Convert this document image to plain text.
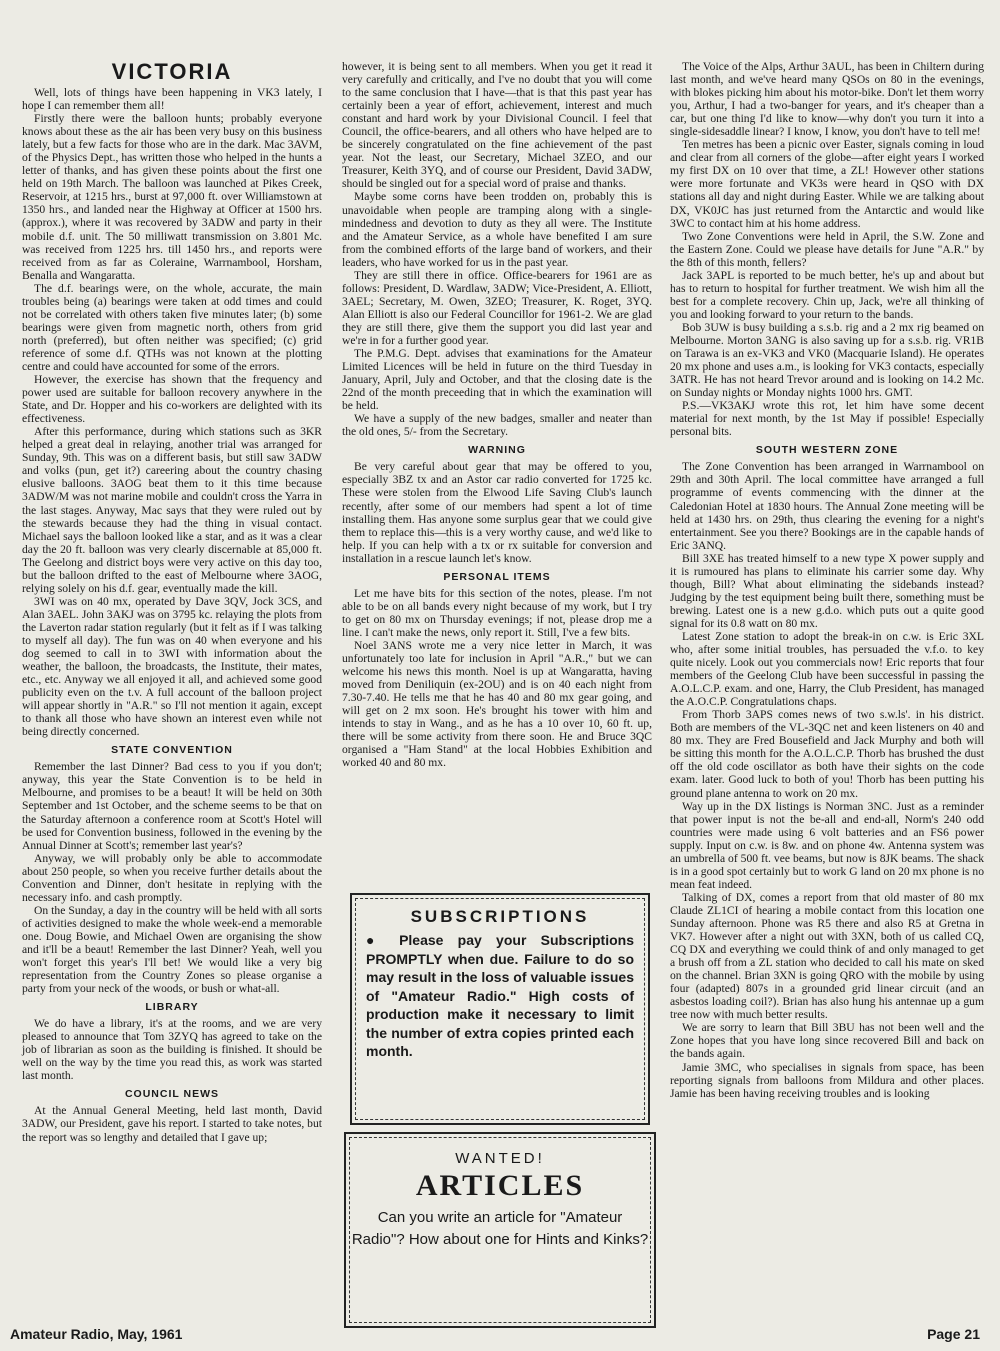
VICTORIA

Well, lots of things have been happening in VK3 lately, I hope I can remember them all!

Firstly there were the balloon hunts; probably everyone knows about these as the air has been very busy on this business lately, but a few facts for those who are in the dark. Mac 3AVM, of the Physics Dept., has written those who helped in the hunts a letter of thanks, and has given these points about the first one held on 19th March. The balloon was launched at Pikes Creek, Reservoir, at 1215 hrs., burst at 97,000 ft. over Williamstown at 1350 hrs., and landed near the Highway at Officer at 1500 hrs. (approx.), where it was recovered by 3ADW and party in their mobile d.f. unit. The 50 milliwatt transmission on 3.801 Mc. was received from 1225 hrs. till 1450 hrs., and reports were received from as far as Coleraine, Warrnambool, Horsham, Benalla and Wangaratta.

The d.f. bearings were, on the whole, accurate, the main troubles being (a) bearings were taken at odd times and could not be correlated with others taken five minutes later; (b) some bearings were given from magnetic north, others from grid north (preferred), but often neither was specified; (c) grid reference of some d.f. QTHs was not known at the plotting centre and could have accounted for some of the errors.

However, the exercise has shown that the frequency and power used are suitable for balloon recovery anywhere in the State, and Dr. Hopper and his co-workers are delighted with its effectiveness.

After this performance, during which stations such as 3KR helped a great deal in relaying, another trial was arranged for Sunday, 9th. This was on a different basis, but still saw 3ADW and volks (pun, get it?) careering about the country chasing elusive balloons. 3AOG beat them to it this time because 3ADW/M was not marine mobile and couldn't cross the Yarra in the last stages. Anyway, Mac says that they were ruled out by the stewards because they had the thing in visual contact. Michael says the balloon looked like a star, and as it was a clear day the 20 ft. balloon was very clearly discernable at 85,000 ft. The Geelong and district boys were very active on this day too, but the balloon drifted to the east of Melbourne where 3AOG, relying solely on his d.f. gear, eventually made the kill.

3WI was on 40 mx, operated by Dave 3QV, Jock 3CS, and Alan 3AEL. John 3AKJ was on 3795 kc. relaying the plots from the Laverton radar station regularly (but it felt as if I was talking to myself all day). The fun was on 40 when everyone and his dog seemed to call in to 3WI with information about the weather, the balloon, the broadcasts, the Institute, their mates, etc., etc. Anyway we all enjoyed it all, and achieved some good publicity even on the t.v. A full account of the balloon project will appear shortly in "A.R." so I'll not mention it again, except to thank all those who have shown an interest even while not being directly concerned.

STATE CONVENTION

Remember the last Dinner? Bad cess to you if you don't; anyway, this year the State Convention is to be held in Melbourne, and promises to be a beaut! It will be held on 30th September and 1st October, and the scheme seems to be that on the Saturday afternoon a conference room at Scott's Hotel will be used for Convention business, followed in the evening by the Annual Dinner at Scott's; remember last year's?

Anyway, we will probably only be able to accommodate about 250 people, so when you receive further details about the Convention and Dinner, don't hesitate in replying with the necessary info. and cash promptly.

On the Sunday, a day in the country will be held with all sorts of activities designed to make the whole week-end a memorable one. Doug Bowie, and Michael Owen are organising the show and it'll be a beaut! Remember the last Dinner? Yeah, well you won't forget this year's I'll bet! We would like a very big representation from the Country Zones so please organise a party from your neck of the woods, or bush or what-all.

LIBRARY

We do have a library, it's at the rooms, and we are very pleased to announce that Tom 3ZYQ has agreed to take on the job of librarian as soon as the building is finished. It should be well on the way by the time you read this, as work was started last month.

COUNCIL NEWS

At the Annual General Meeting, held last month, David 3ADW, our President, gave his report. I started to take notes, but the report was so lengthy and detailed that I gave up;

however, it is being sent to all members. When you get it read it very carefully and critically, and I've no doubt that you will come to the same conclusion that I have—that is that this past year has certainly been a year of effort, achievement, interest and much constant and hard work by your Divisional Council. I feel that Council, the office-bearers, and all others who have helped are to be sincerely congratulated on the fine achievement of the past year. Not the least, our Secretary, Michael 3ZEO, and our Treasurer, Keith 3YQ, and of course our President, David 3ADW, should be singled out for a special word of praise and thanks.

Maybe some corns have been trodden on, probably this is unavoidable when people are tramping along with a single-mindedness and devotion to duty as they all were. The Institute and the Amateur Service, as a whole have benefited I am sure from the combined efforts of the large band of workers, and their leaders, who have worked for us in the past year.

They are still there in office. Office-bearers for 1961 are as follows: President, D. Wardlaw, 3ADW; Vice-President, A. Elliott, 3AEL; Secretary, M. Owen, 3ZEO; Treasurer, K. Roget, 3YQ. Alan Elliott is also our Federal Councillor for 1961-2. We are glad they are still there, give them the support you did last year and we're in for a further good year.

The P.M.G. Dept. advises that examinations for the Amateur Limited Licences will be held in future on the third Tuesday in January, April, July and October, and that the closing date is the 22nd of the month preceeding that in which the examination will be held.

We have a supply of the new badges, smaller and neater than the old ones, 5/- from the Secretary.

WARNING

Be very careful about gear that may be offered to you, especially 3BZ tx and an Astor car radio converted for 1725 kc. These were stolen from the Elwood Life Saving Club's launch recently, after some of our members had spent a lot of time installing them. Has anyone some surplus gear that we could give them to replace this—this is a very worthy cause, and we'd like to help. If you can help with a tx or rx suitable for conversion and installation in a rescue launch let's know.

PERSONAL ITEMS

Let me have bits for this section of the notes, please. I'm not able to be on all bands every night because of my work, but I try to get on 80 mx on Thursday evenings; if not, please drop me a line. I can't make the news, only report it. Still, I've a few bits.

Noel 3ANS wrote me a very nice letter in March, it was unfortunately too late for inclusion in April "A.R.," but we can welcome his news this month. Noel is up at Wangaratta, having moved from Deniliquin (ex-2OU) and is on 40 each night from 7.30-7.40. He tells me that he has 40 and 80 mx gear going, and will get on 2 mx soon. He's brought his tower with him and intends to stay in Wang., and as he has a 10 over 10, 60 ft. up, there will be some activity from there soon. He and Bruce 3QC organised a "Ham Stand" at the local Hobbies Exhibition and worked 40 and 80 mx.

SUBSCRIPTIONS
● Please pay your Subscriptions PROMPTLY when due. Failure to do so may result in the loss of valuable issues of "Amateur Radio." High costs of production make it necessary to limit the number of extra copies printed each month.
WANTED!
ARTICLES
Can you write an article for "Amateur Radio"? How about one for Hints and Kinks?

The Voice of the Alps, Arthur 3AUL, has been in Chiltern during last month, and we've heard many QSOs on 80 in the evenings, with blokes picking him about his motor-bike. Don't let them worry you, Arthur, I had a two-banger for years, and it's cheaper than a car, but one thing I'd like to know—why don't you turn it into a single-sidesaddle linear? I know, I know, you don't have to tell me!

Ten metres has been a picnic over Easter, signals coming in loud and clear from all corners of the globe—after eight years I worked my first DX on 10 over that time, a ZL! However other stations were more fortunate and VK3s were heard in QSO with DX stations all day and night during Easter. While we are talking about DX, VK0JC has just returned from the Antarctic and would like 3WC to contact him at his home address.

Two Zone Conventions were held in April, the S.W. Zone and the Eastern Zone. Could we please have details for June "A.R." by the 8th of this month, fellers?

Jack 3APL is reported to be much better, he's up and about but has to return to hospital for further treatment. We wish him all the best for a complete recovery. Chin up, Jack, we're all thinking of you and looking forward to your return to the bands.

Bob 3UW is busy building a s.s.b. rig and a 2 mx rig beamed on Melbourne. Morton 3ANG is also saving up for a s.s.b. rig. VR1B on Tarawa is an ex-VK3 and VK0 (Macquarie Island). He operates 20 mx phone and uses a.m., is looking for VK3 contacts, especially 3ATR. He has not heard Trevor around and is looking on 14.2 Mc. on Sunday nights or Monday nights 1000 hrs. GMT.

P.S.—VK3AKJ wrote this rot, let him have some decent material for next month, by the 1st May if possible! Especially personal bits.

SOUTH WESTERN ZONE

The Zone Convention has been arranged in Warrnambool on 29th and 30th April. The local committee have arranged a full programme of events commencing with the dinner at the Caledonian Hotel at 1830 hours. The Annual Zone meeting will be held at 1430 hrs. on 29th, thus clearing the evening for a night's entertainment. See you there? Bookings are in the capable hands of Eric 3ANQ.

Bill 3XE has treated himself to a new type X power supply and it is rumoured has plans to eliminate his carrier some day. Why though, Bill? What about eliminating the sidebands instead? Judging by the test equipment being built there, something must be brewing. Latest one is a new g.d.o. which puts out a quite good signal for its 0.8 watt on 80 mx.

Latest Zone station to adopt the break-in on c.w. is Eric 3XL who, after some initial troubles, has persuaded the v.f.o. to key quite nicely. Look out you commercials now! Eric reports that four members of the Geelong Club have been successful in passing the A.O.L.C.P. exam. and one, Harry, the Club President, has managed the A.O.C.P. Congratulations chaps.

From Thorb 3APS comes news of two s.w.ls'. in his district. Both are members of the VL-3QC net and keen listeners on 40 and 80 mx. They are Fred Bousefield and Jack Murphy and both will be sitting this month for the A.O.L.C.P. Thorb has brushed the dust off the old code oscillator as both have their sights on the code exam. later. Good luck to both of you! Thorb has been putting his ground plane antenna to work on 20 mx.

Way up in the DX listings is Norman 3NC. Just as a reminder that power input is not the be-all and end-all, Norm's 240 odd countries were made using 6 volt batteries and an FS6 power supply. Input on c.w. is 8w. and on phone 4w. Antenna system was an umbrella of 500 ft. vee beams, but now is 8JK beams. The shack is in a good spot certainly but to work G land on 20 mx phone is no mean feat indeed.

Talking of DX, comes a report from that old master of 80 mx Claude ZL1CI of hearing a mobile contact from this location one Sunday afternoon. Phone was R5 there and also R5 at Gretna in VK7. However after a night out with 3XN, both of us called CQ, CQ DX and everything we could think of and only managed to get a brush off from a ZL station who decided to call his mate on sked on the channel. Brian 3XN is going QRO with the mobile by using four (adapted) 807s in a grounded grid linear circuit (and an asbestos loading coil?). Brian has also hung his antennae up a gum tree now with much better results.

We are sorry to learn that Bill 3BU has not been well and the Zone hopes that you have long since recovered Bill and back on the bands again.

Jamie 3MC, who specialises in signals from space, has been reporting signals from balloons from Mildura and other places. Jamie has been having receiving troubles and is looking

Amateur Radio, May, 1961	Page 21
